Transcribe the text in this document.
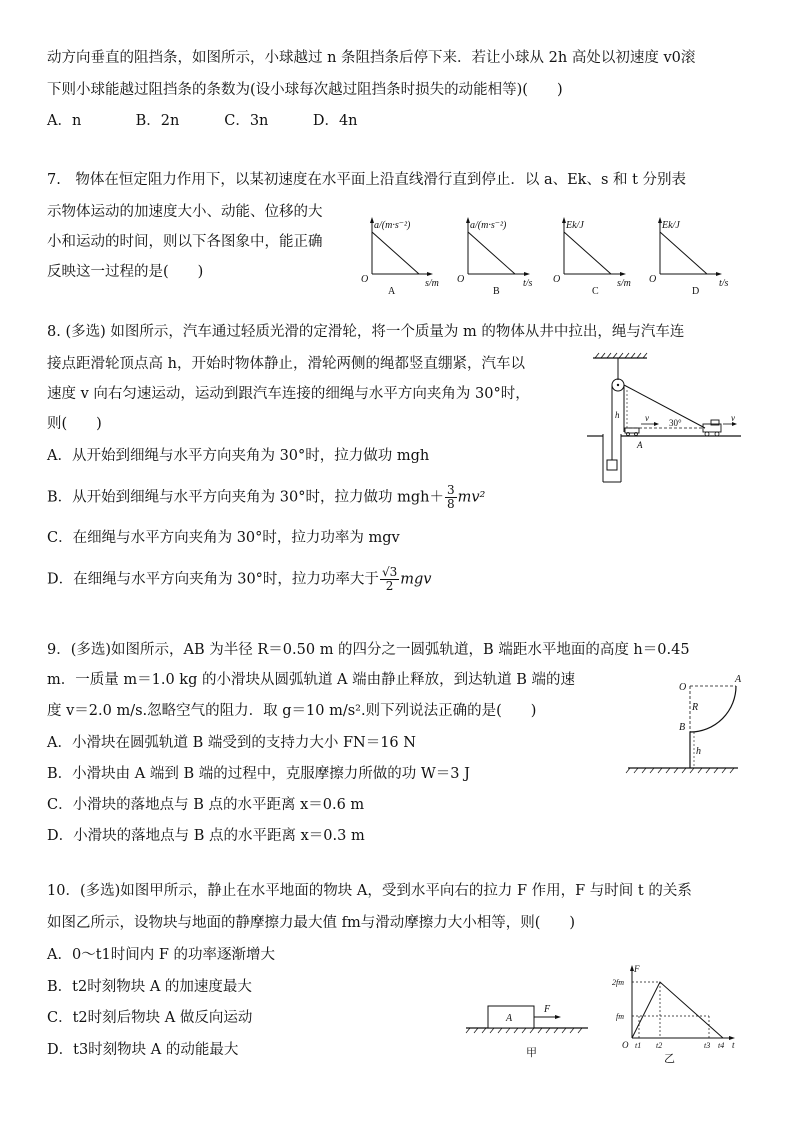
动方向垂直的阻挡条，如图所示，小球越过 n 条阻挡条后停下来．若让小球从 2h 高处以初速度 v0滚
下则小球能越过阻挡条的条数为(设小球每次越过阻挡条时损失的动能相等)(　　)
A．n	B．2n	C．3n	D．4n
7.　物体在恒定阻力作用下，以某初速度在水平面上沿直线滑行直到停止．以 a、Ek、s 和 t 分别表
示物体运动的加速度大小、动能、位移的大
小和运动的时间，则以下各图象中，能正确
反映这一过程的是(　　)
a/(m·s⁻²)
s/m
O
A
a/(m·s⁻²)
t/s
O
B
Ek/J
s/m
O
C
Ek/J
t/s
O
D
8. (多选) 如图所示，汽车通过轻质光滑的定滑轮，将一个质量为 m 的物体从井中拉出，绳与汽车连
接点距滑轮顶点高 h，开始时物体静止，滑轮两侧的绳都竖直绷紧，汽车以
速度 v 向右匀速运动，运动到跟汽车连接的细绳与水平方向夹角为 30°时，
则(　　)
A．从开始到细绳与水平方向夹角为 30°时，拉力做功 mgh
B．从开始到细绳与水平方向夹角为 30°时，拉力做功 $mgh+ \frac{3}{8} mv^2$
C．在细绳与水平方向夹角为 30°时，拉力功率为 mgv
D．在细绳与水平方向夹角为 30°时，拉力功率大于 $\frac{√3}{2}$ mgv
h	v	v
30°
A
9．(多选)如图所示，AB 为半径 R＝0.50 m 的四分之一圆弧轨道，B 端距水平地面的高度 h＝0.45
m．一质量 m＝1.0 kg 的小滑块从圆弧轨道 A 端由静止释放，到达轨道 B 端的速
度 v＝2.0 m/s.忽略空气的阻力．取 g＝10 m/s².则下列说法正确的是(　　)
A．小滑块在圆弧轨道 B 端受到的支持力大小 FN＝16 N
B．小滑块由 A 端到 B 端的过程中，克服摩擦力所做的功 W＝3 J
C．小滑块的落地点与 B 点的水平距离 x＝0.6 m
D．小滑块的落地点与 B 点的水平距离 x＝0.3 m
O
A
B
R
h
10．(多选)如图甲所示，静止在水平地面的物块 A，受到水平向右的拉力 F 作用，F 与时间 t 的关系
如图乙所示，设物块与地面的静摩擦力最大值 fm与滑动摩擦力大小相等，则(　　)
A．0～t1时间内 F 的功率逐渐增大
B．t2时刻物块 A 的加速度最大
C．t2时刻后物块 A 做反向运动
D．t3时刻物块 A 的动能最大
A
F
甲
F
2fm
fm
O t1 t2	t3 t4 t
乙
